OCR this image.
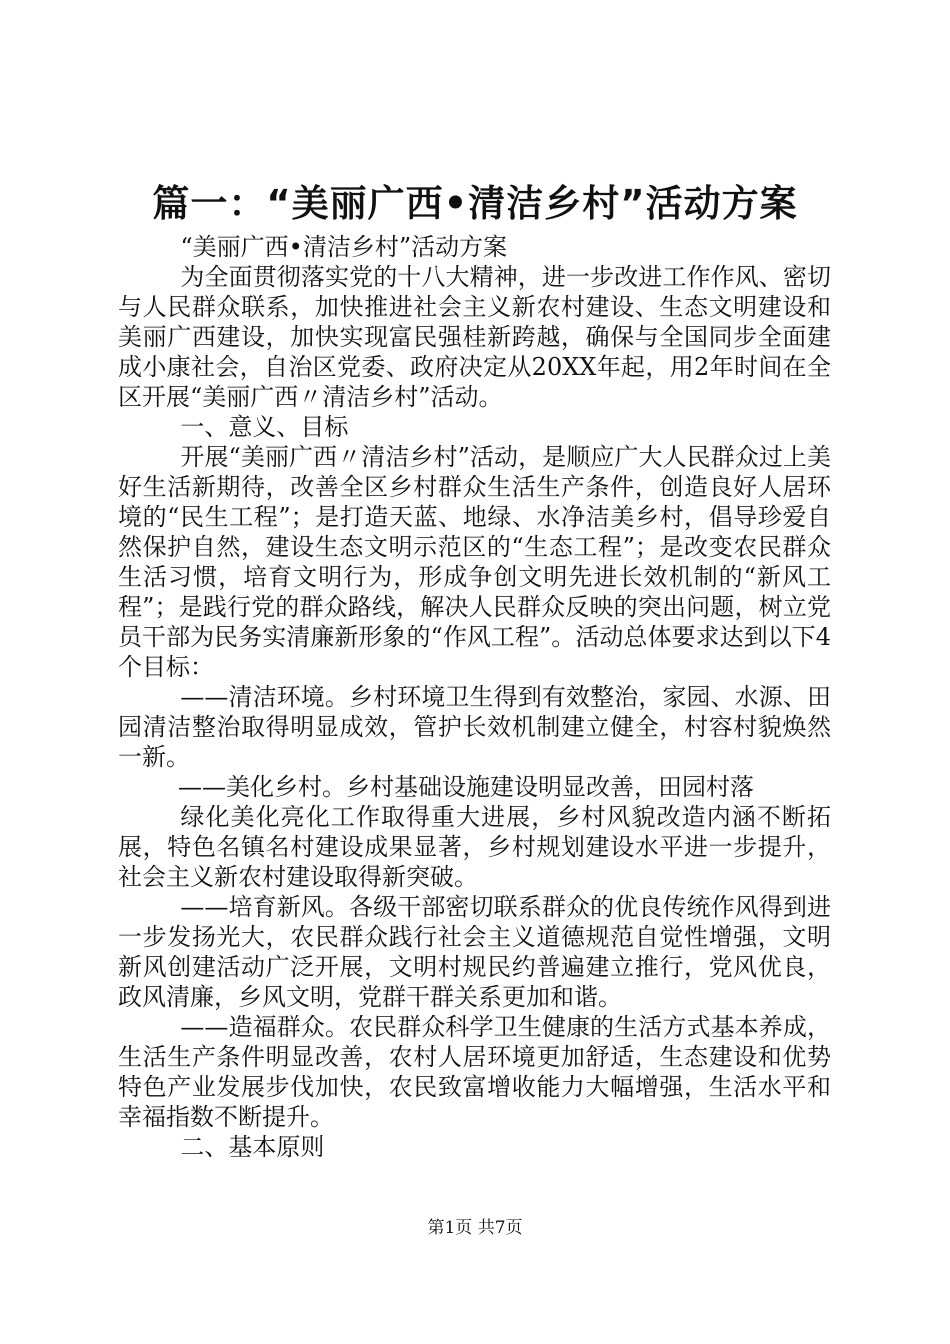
篇一：“美丽广西•清洁乡村”活动方案

“美丽广西•清洁乡村”活动方案

为全面贯彻落实党的十八大精神，进一步改进工作作风、密切与人民群众联系，加快推进社会主义新农村建设、生态文明建设和美丽广西建设，加快实现富民强桂新跨越，确保与全国同步全面建成小康社会，自治区党委、政府决定从20XX年起，用2年时间在全区开展“美丽广西〃清洁乡村”活动。

一、意义、目标

开展“美丽广西〃清洁乡村”活动，是顺应广大人民群众过上美好生活新期待，改善全区乡村群众生活生产条件，创造良好人居环境的“民生工程”；是打造天蓝、地绿、水净洁美乡村，倡导珍爱自然保护自然，建设生态文明示范区的“生态工程”；是改变农民群众生活习惯，培育文明行为，形成争创文明先进长效机制的“新风工程”；是践行党的群众路线，解决人民群众反映的突出问题，树立党员干部为民务实清廉新形象的“作风工程”。活动总体要求达到以下4个目标：

——清洁环境。乡村环境卫生得到有效整治，家园、水源、田园清洁整治取得明显成效，管护长效机制建立健全，村容村貌焕然一新。

——美化乡村。乡村基础设施建设明显改善，田园村落

绿化美化亮化工作取得重大进展，乡村风貌改造内涵不断拓展，特色名镇名村建设成果显著，乡村规划建设水平进一步提升，社会主义新农村建设取得新突破。

——培育新风。各级干部密切联系群众的优良传统作风得到进一步发扬光大，农民群众践行社会主义道德规范自觉性增强，文明新风创建活动广泛开展，文明村规民约普遍建立推行，党风优良，政风清廉，乡风文明，党群干群关系更加和谐。

——造福群众。农民群众科学卫生健康的生活方式基本养成，生活生产条件明显改善，农村人居环境更加舒适，生态建设和优势特色产业发展步伐加快，农民致富增收能力大幅增强，生活水平和幸福指数不断提升。

二、基本原则

第1页 共7页
